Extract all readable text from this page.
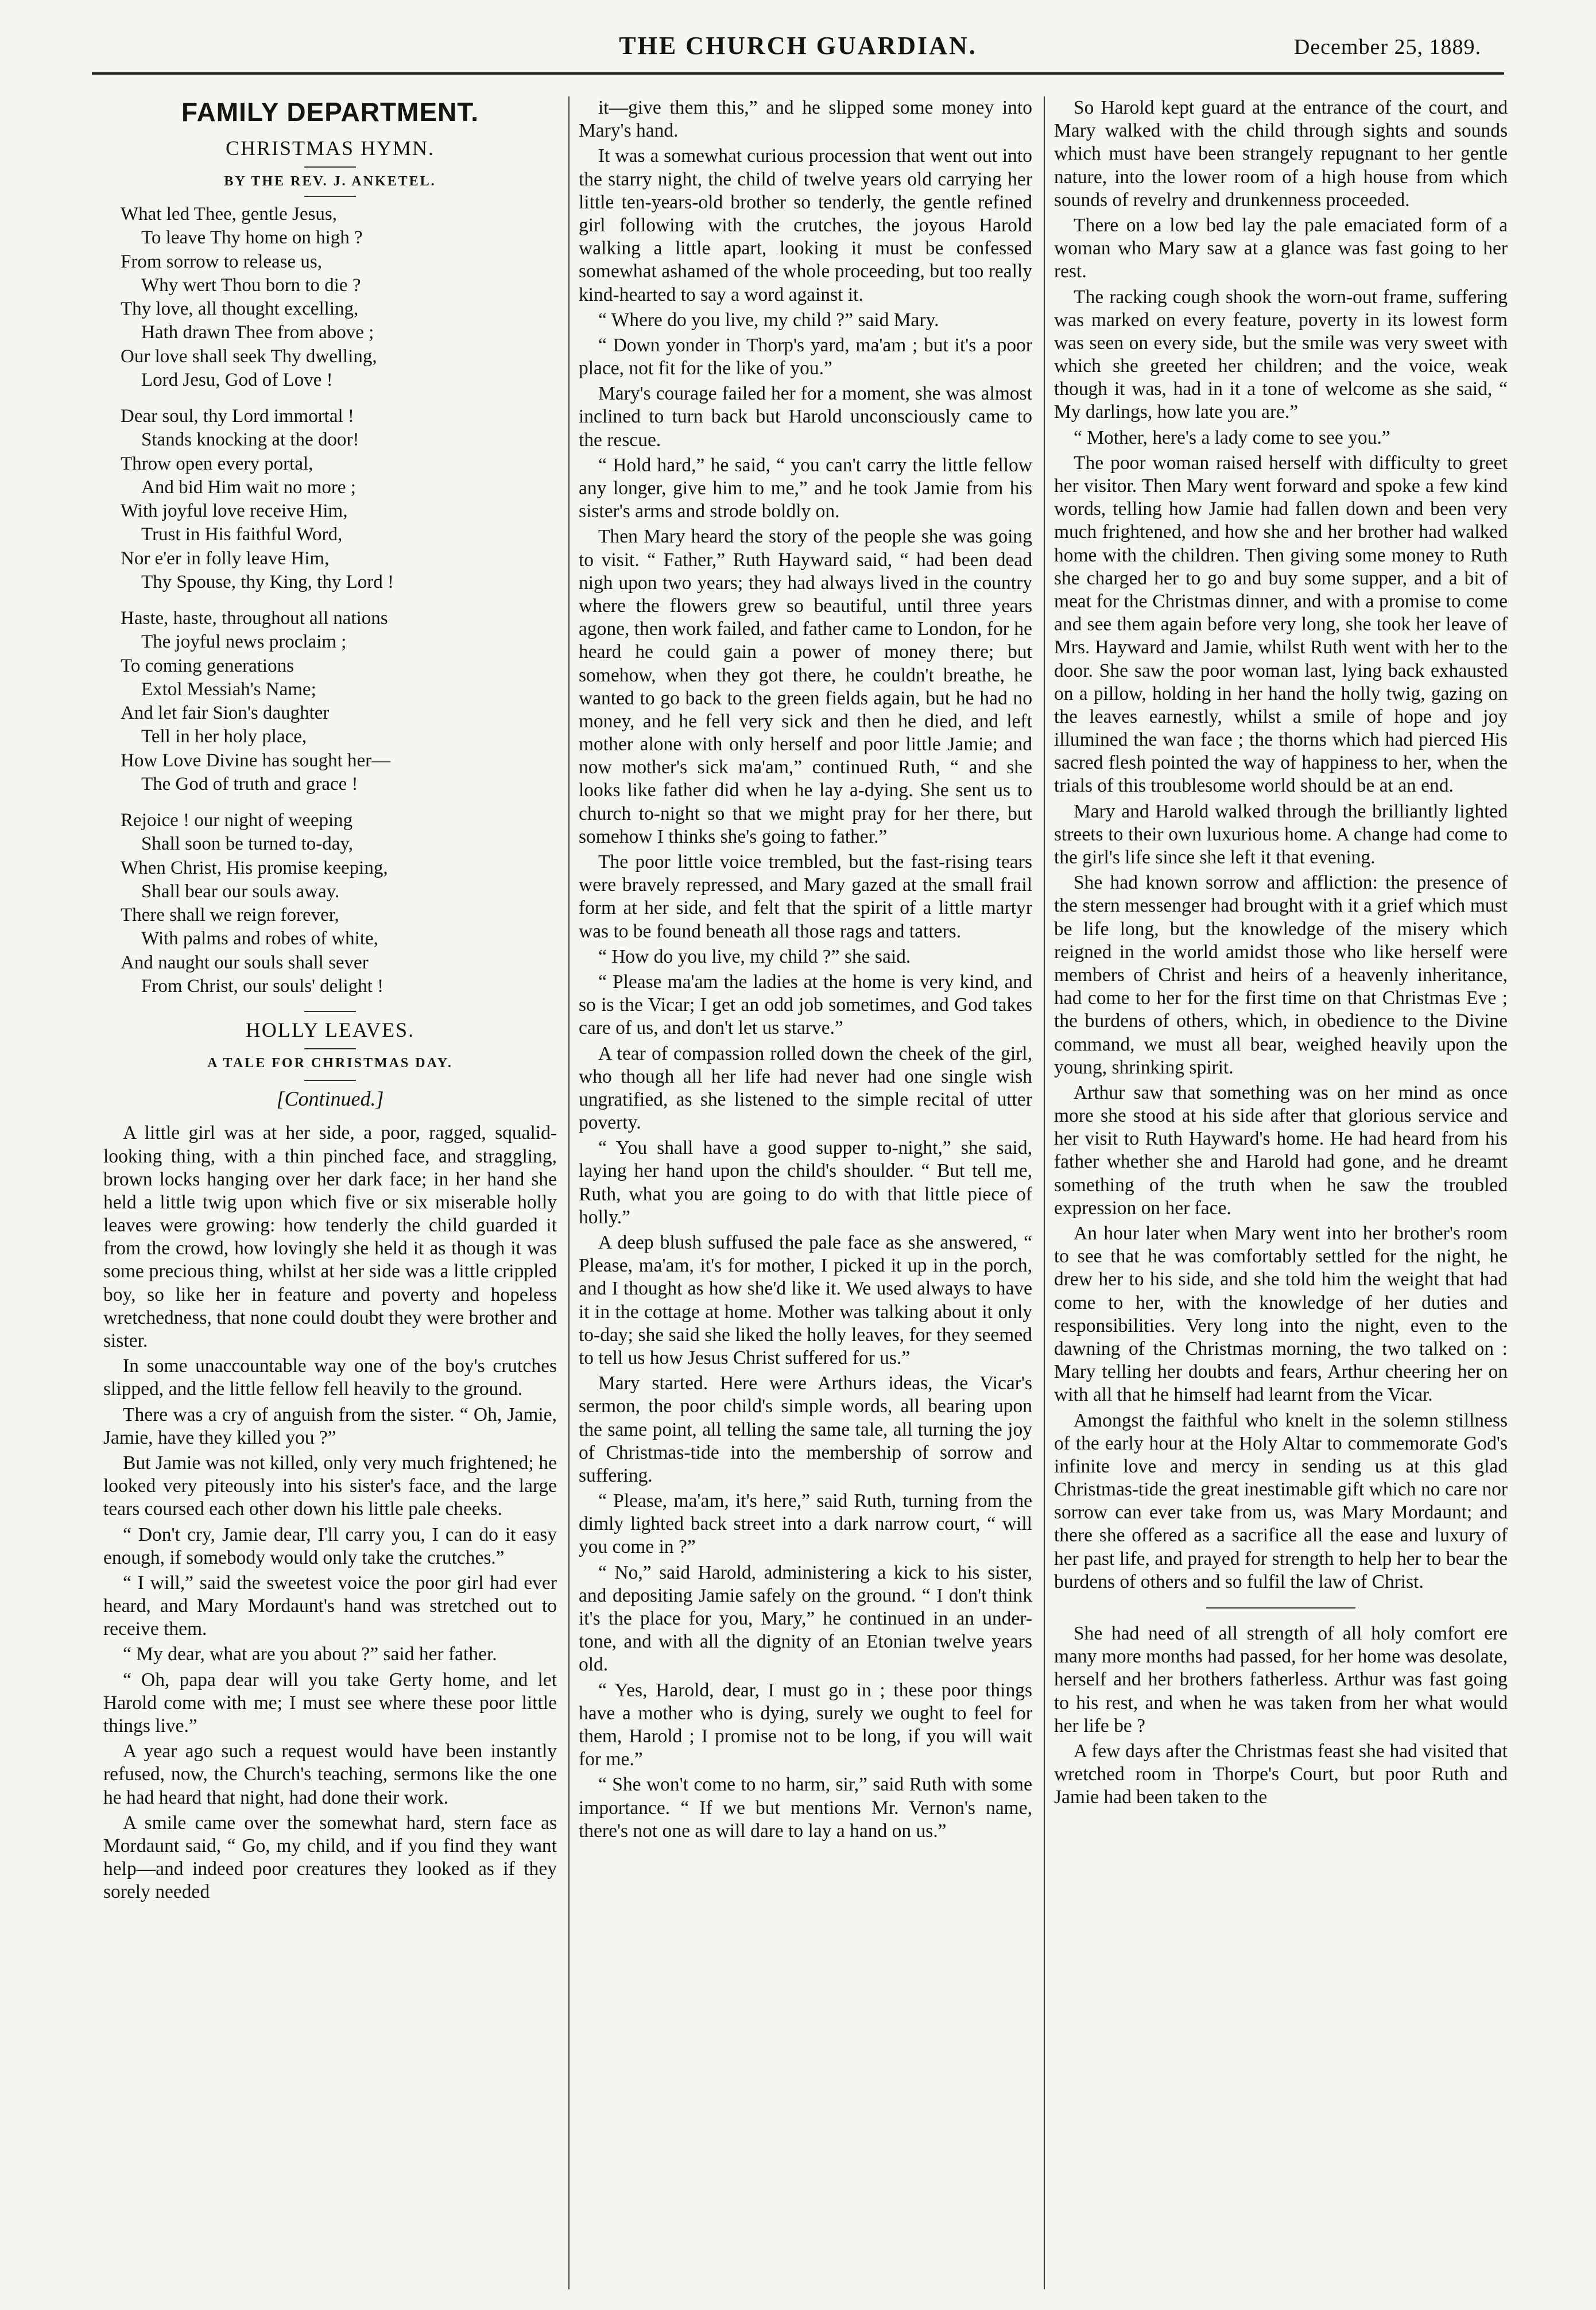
THE CHURCH GUARDIAN.	December 25, 1889.
FAMILY DEPARTMENT.
CHRISTMAS HYMN.
BY THE REV. J. ANKETEL.
What led Thee, gentle Jesus,
To leave Thy home on high ?
From sorrow to release us,
Why wert Thou born to die ?
Thy love, all thought excelling,
Hath drawn Thee from above ;
Our love shall seek Thy dwelling,
Lord Jesu, God of Love !
Dear soul, thy Lord immortal !
Stands knocking at the door!
Throw open every portal,
And bid Him wait no more ;
With joyful love receive Him,
Trust in His faithful Word,
Nor e'er in folly leave Him,
Thy Spouse, thy King, thy Lord !
Haste, haste, throughout all nations
The joyful news proclaim ;
To coming generations
Extol Messiah's Name;
And let fair Sion's daughter
Tell in her holy place,
How Love Divine has sought her—
The God of truth and grace !
Rejoice ! our night of weeping
Shall soon be turned to-day,
When Christ, His promise keeping,
Shall bear our souls away.
There shall we reign forever,
With palms and robes of white,
And naught our souls shall sever
From Christ, our souls' delight !
HOLLY LEAVES.
A TALE FOR CHRISTMAS DAY.
[Continued.]

A little girl was at her side, a poor, ragged, squalid-looking thing, with a thin pinched face, and straggling, brown locks hanging over her dark face; in her hand she held a little twig upon which five or six miserable holly leaves were growing: how tenderly the child guarded it from the crowd, how lovingly she held it as though it was some precious thing, whilst at her side was a little crippled boy, so like her in feature and poverty and hopeless wretchedness, that none could doubt they were brother and sister.

In some unaccountable way one of the boy's crutches slipped, and the little fellow fell heavily to the ground.

There was a cry of anguish from the sister. “ Oh, Jamie, Jamie, have they killed you ?”

But Jamie was not killed, only very much frightened; he looked very piteously into his sister's face, and the large tears coursed each other down his little pale cheeks.

“ Don't cry, Jamie dear, I'll carry you, I can do it easy enough, if somebody would only take the crutches.”

“ I will,” said the sweetest voice the poor girl had ever heard, and Mary Mordaunt's hand was stretched out to receive them.

“ My dear, what are you about ?” said her father.

“ Oh, papa dear will you take Gerty home, and let Harold come with me; I must see where these poor little things live.”

A year ago such a request would have been instantly refused, now, the Church's teaching, sermons like the one he had heard that night, had done their work.

A smile came over the somewhat hard, stern face as Mordaunt said, “ Go, my child, and if you find they want help—and indeed poor creatures they looked as if they sorely needed

it—give them this,” and he slipped some money into Mary's hand.

It was a somewhat curious procession that went out into the starry night, the child of twelve years old carrying her little ten-years-old brother so tenderly, the gentle refined girl following with the crutches, the joyous Harold walking a little apart, looking it must be confessed somewhat ashamed of the whole proceeding, but too really kind-hearted to say a word against it.

“ Where do you live, my child ?” said Mary.

“ Down yonder in Thorp's yard, ma'am ; but it's a poor place, not fit for the like of you.”

Mary's courage failed her for a moment, she was almost inclined to turn back but Harold unconsciously came to the rescue.

“ Hold hard,” he said, “ you can't carry the little fellow any longer, give him to me,” and he took Jamie from his sister's arms and strode boldly on.

Then Mary heard the story of the people she was going to visit. “ Father,” Ruth Hayward said, “ had been dead nigh upon two years; they had always lived in the country where the flowers grew so beautiful, until three years agone, then work failed, and father came to London, for he heard he could gain a power of money there; but somehow, when they got there, he couldn't breathe, he wanted to go back to the green fields again, but he had no money, and he fell very sick and then he died, and left mother alone with only herself and poor little Jamie; and now mother's sick ma'am,” continued Ruth, “ and she looks like father did when he lay a-dying. She sent us to church to-night so that we might pray for her there, but somehow I thinks she's going to father.”

The poor little voice trembled, but the fast-rising tears were bravely repressed, and Mary gazed at the small frail form at her side, and felt that the spirit of a little martyr was to be found beneath all those rags and tatters.

“ How do you live, my child ?” she said.

“ Please ma'am the ladies at the home is very kind, and so is the Vicar; I get an odd job sometimes, and God takes care of us, and don't let us starve.”

A tear of compassion rolled down the cheek of the girl, who though all her life had never had one single wish ungratified, as she listened to the simple recital of utter poverty.

“ You shall have a good supper to-night,” she said, laying her hand upon the child's shoulder. “ But tell me, Ruth, what you are going to do with that little piece of holly.”

A deep blush suffused the pale face as she answered, “ Please, ma'am, it's for mother, I picked it up in the porch, and I thought as how she'd like it. We used always to have it in the cottage at home. Mother was talking about it only to-day; she said she liked the holly leaves, for they seemed to tell us how Jesus Christ suffered for us.”

Mary started. Here were Arthurs ideas, the Vicar's sermon, the poor child's simple words, all bearing upon the same point, all telling the same tale, all turning the joy of Christmas-tide into the membership of sorrow and suffering.

“ Please, ma'am, it's here,” said Ruth, turning from the dimly lighted back street into a dark narrow court, “ will you come in ?”

“ No,” said Harold, administering a kick to his sister, and depositing Jamie safely on the ground. “ I don't think it's the place for you, Mary,” he continued in an under-tone, and with all the dignity of an Etonian twelve years old.

“ Yes, Harold, dear, I must go in ; these poor things have a mother who is dying, surely we ought to feel for them, Harold ; I promise not to be long, if you will wait for me.”

“ She won't come to no harm, sir,” said Ruth with some importance. “ If we but mentions Mr. Vernon's name, there's not one as will dare to lay a hand on us.”

So Harold kept guard at the entrance of the court, and Mary walked with the child through sights and sounds which must have been strangely repugnant to her gentle nature, into the lower room of a high house from which sounds of revelry and drunkenness proceeded.

There on a low bed lay the pale emaciated form of a woman who Mary saw at a glance was fast going to her rest.

The racking cough shook the worn-out frame, suffering was marked on every feature, poverty in its lowest form was seen on every side, but the smile was very sweet with which she greeted her children; and the voice, weak though it was, had in it a tone of welcome as she said, “ My darlings, how late you are.”

“ Mother, here's a lady come to see you.”

The poor woman raised herself with difficulty to greet her visitor. Then Mary went forward and spoke a few kind words, telling how Jamie had fallen down and been very much frightened, and how she and her brother had walked home with the children. Then giving some money to Ruth she charged her to go and buy some supper, and a bit of meat for the Christmas dinner, and with a promise to come and see them again before very long, she took her leave of Mrs. Hayward and Jamie, whilst Ruth went with her to the door. She saw the poor woman last, lying back exhausted on a pillow, holding in her hand the holly twig, gazing on the leaves earnestly, whilst a smile of hope and joy illumined the wan face ; the thorns which had pierced His sacred flesh pointed the way of happiness to her, when the trials of this troublesome world should be at an end.

Mary and Harold walked through the brilliantly lighted streets to their own luxurious home. A change had come to the girl's life since she left it that evening.

She had known sorrow and affliction: the presence of the stern messenger had brought with it a grief which must be life long, but the knowledge of the misery which reigned in the world amidst those who like herself were members of Christ and heirs of a heavenly inheritance, had come to her for the first time on that Christmas Eve ; the burdens of others, which, in obedience to the Divine command, we must all bear, weighed heavily upon the young, shrinking spirit.

Arthur saw that something was on her mind as once more she stood at his side after that glorious service and her visit to Ruth Hayward's home. He had heard from his father whether she and Harold had gone, and he dreamt something of the truth when he saw the troubled expression on her face.

An hour later when Mary went into her brother's room to see that he was comfortably settled for the night, he drew her to his side, and she told him the weight that had come to her, with the knowledge of her duties and responsibilities. Very long into the night, even to the dawning of the Christmas morning, the two talked on : Mary telling her doubts and fears, Arthur cheering her on with all that he himself had learnt from the Vicar.

Amongst the faithful who knelt in the solemn stillness of the early hour at the Holy Altar to commemorate God's infinite love and mercy in sending us at this glad Christmas-tide the great inestimable gift which no care nor sorrow can ever take from us, was Mary Mordaunt; and there she offered as a sacrifice all the ease and luxury of her past life, and prayed for strength to help her to bear the burdens of others and so fulfil the law of Christ.

She had need of all strength of all holy comfort ere many more months had passed, for her home was desolate, herself and her brothers fatherless. Arthur was fast going to his rest, and when he was taken from her what would her life be ?

A few days after the Christmas feast she had visited that wretched room in Thorpe's Court, but poor Ruth and Jamie had been taken to the
